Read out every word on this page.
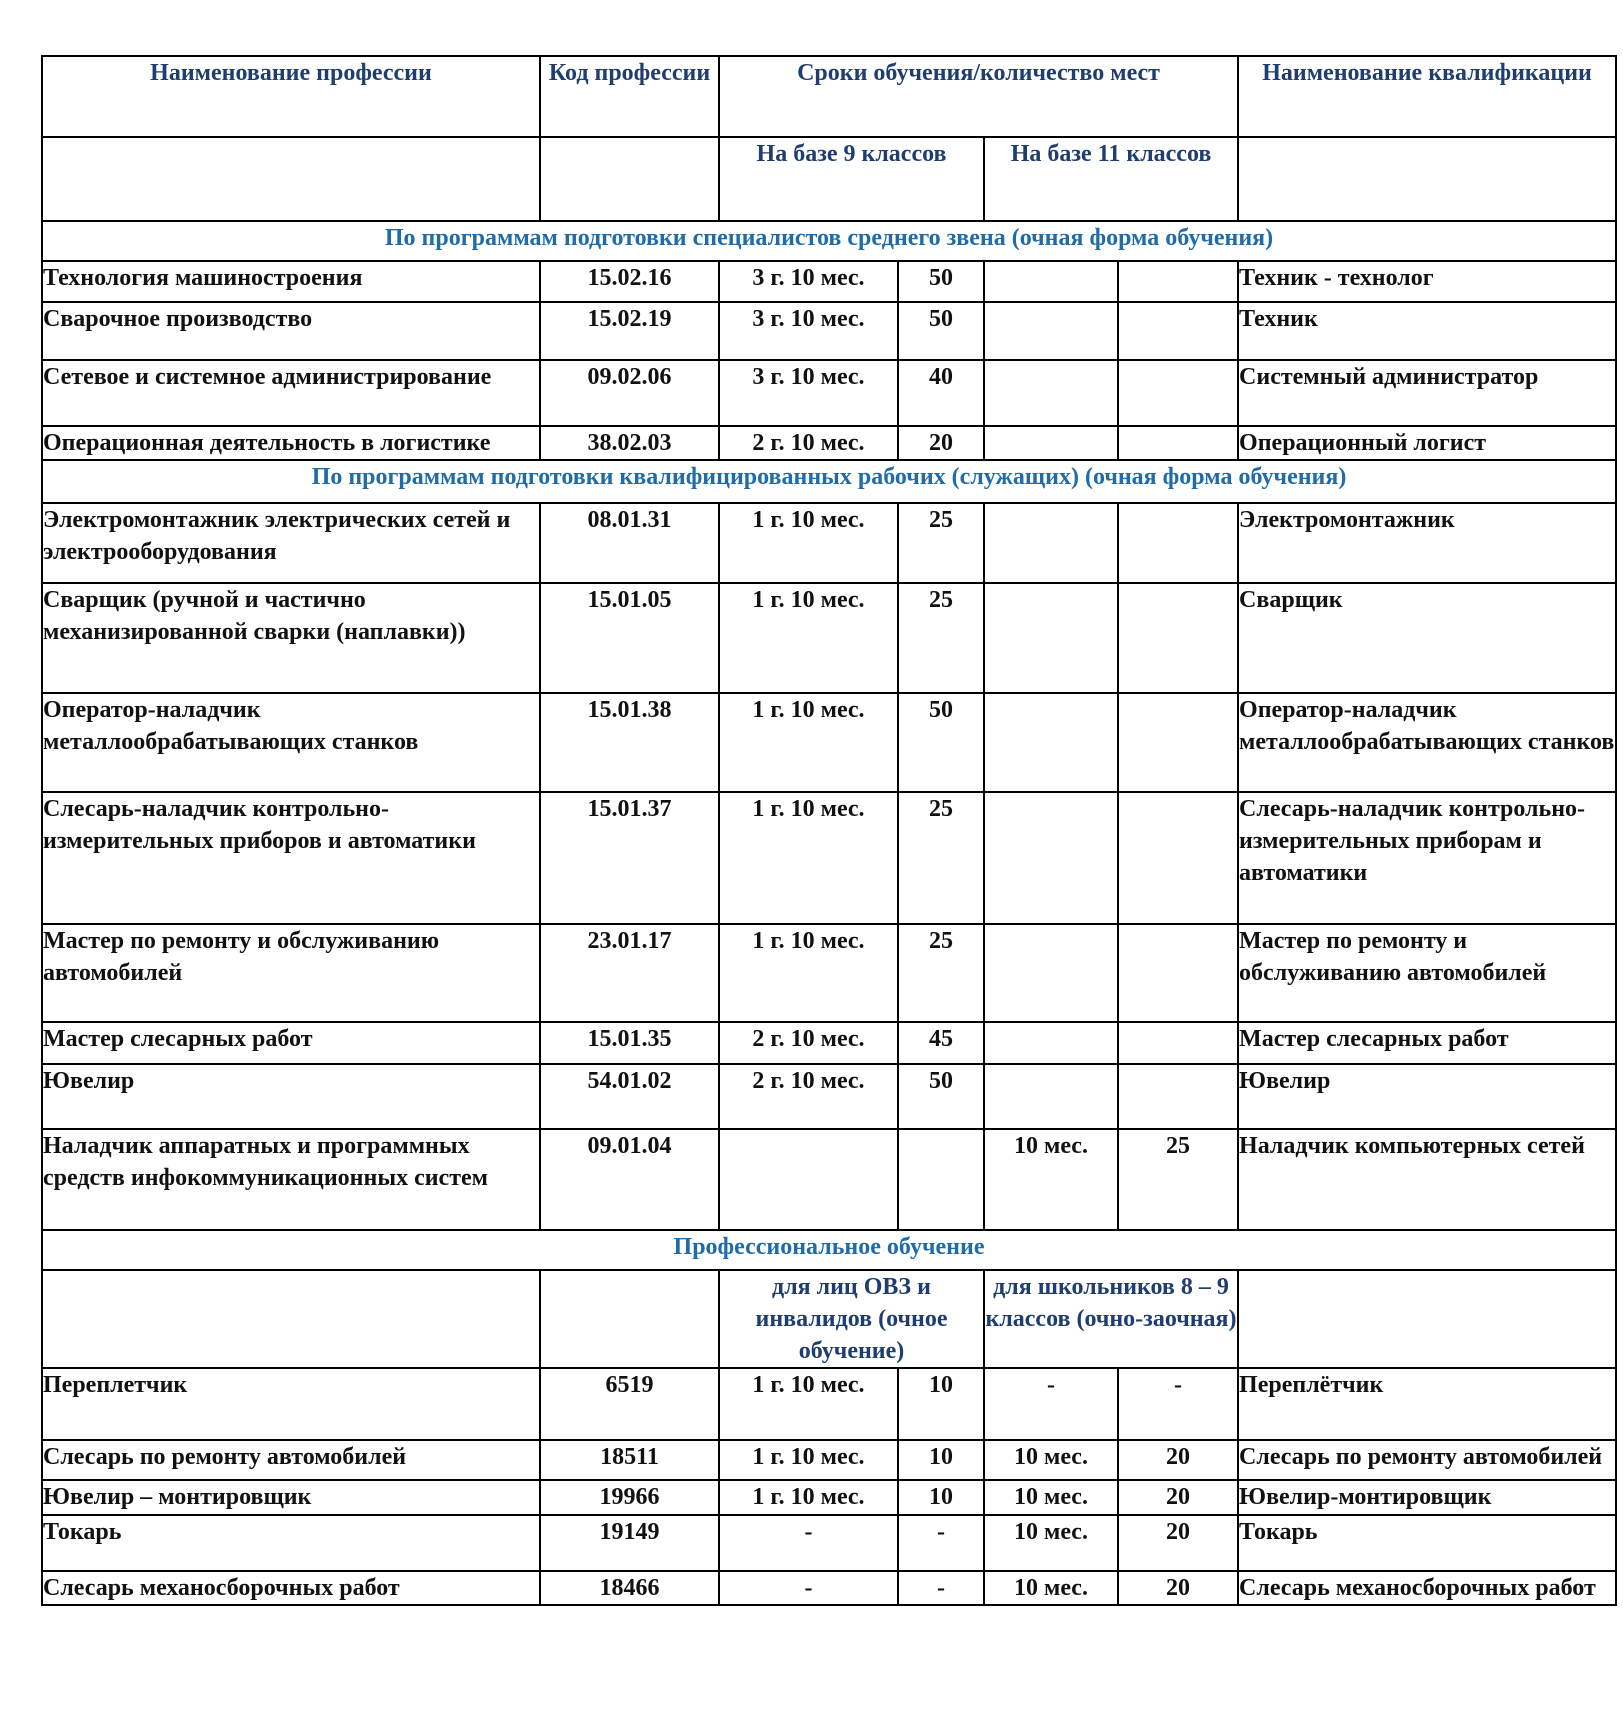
Наименование профессии	Код профессии	Сроки обучения/количество мест				Наименование квалификации
		На базе 9 классов		На базе 11 классов		
По программам подготовки специалистов среднего звена (очная форма обучения)						
Технология машиностроения	15.02.16	3 г. 10 мес.	50			Техник - технолог
Сварочное производство	15.02.19	3 г. 10 мес.	50			Техник
Сетевое и системное администрирование	09.02.06	3 г. 10 мес.	40			Системный администратор
Операционная деятельность в логистике	38.02.03	2 г. 10 мес.	20			Операционный логист
По программам подготовки квалифицированных рабочих (служащих) (очная форма обучения)						
Электромонтажник электрических сетей и электрооборудования	08.01.31	1 г. 10 мес.	25			Электромонтажник
Сварщик (ручной и частично механизированной сварки (наплавки))	15.01.05	1 г. 10 мес.	25			Сварщик
Оператор-наладчик металлообрабатывающих станков	15.01.38	1 г. 10 мес.	50			Оператор-наладчик металлообрабатывающих станков
Слесарь-наладчик контрольно-измерительных приборов и автоматики	15.01.37	1 г. 10 мес.	25			Слесарь-наладчик контрольно-измерительных приборам и автоматики
Мастер по ремонту и обслуживанию автомобилей	23.01.17	1 г. 10 мес.	25			Мастер по ремонту и обслуживанию автомобилей
Мастер слесарных работ	15.01.35	2 г. 10 мес.	45			Мастер слесарных работ
Ювелир	54.01.02	2 г. 10 мес.	50			Ювелир
Наладчик аппаратных и программных средств инфокоммуникационных систем	09.01.04			10 мес.	25	Наладчик компьютерных сетей
Профессиональное обучение						
		для лиц ОВЗ и инвалидов (очное обучение)		для школьников 8 – 9 классов (очно-заочная)		
Переплетчик	6519	1 г. 10 мес.	10	-	-	Переплётчик
Слесарь по ремонту автомобилей	18511	1 г. 10 мес.	10	10 мес.	20	Слесарь по ремонту автомобилей
Ювелир – монтировщик	19966	1 г. 10 мес.	10	10 мес.	20	Ювелир-монтировщик
Токарь	19149	-	-	10 мес.	20	Токарь
Слесарь механосборочных работ	18466	-	-	10 мес.	20	Слесарь механосборочных работ
